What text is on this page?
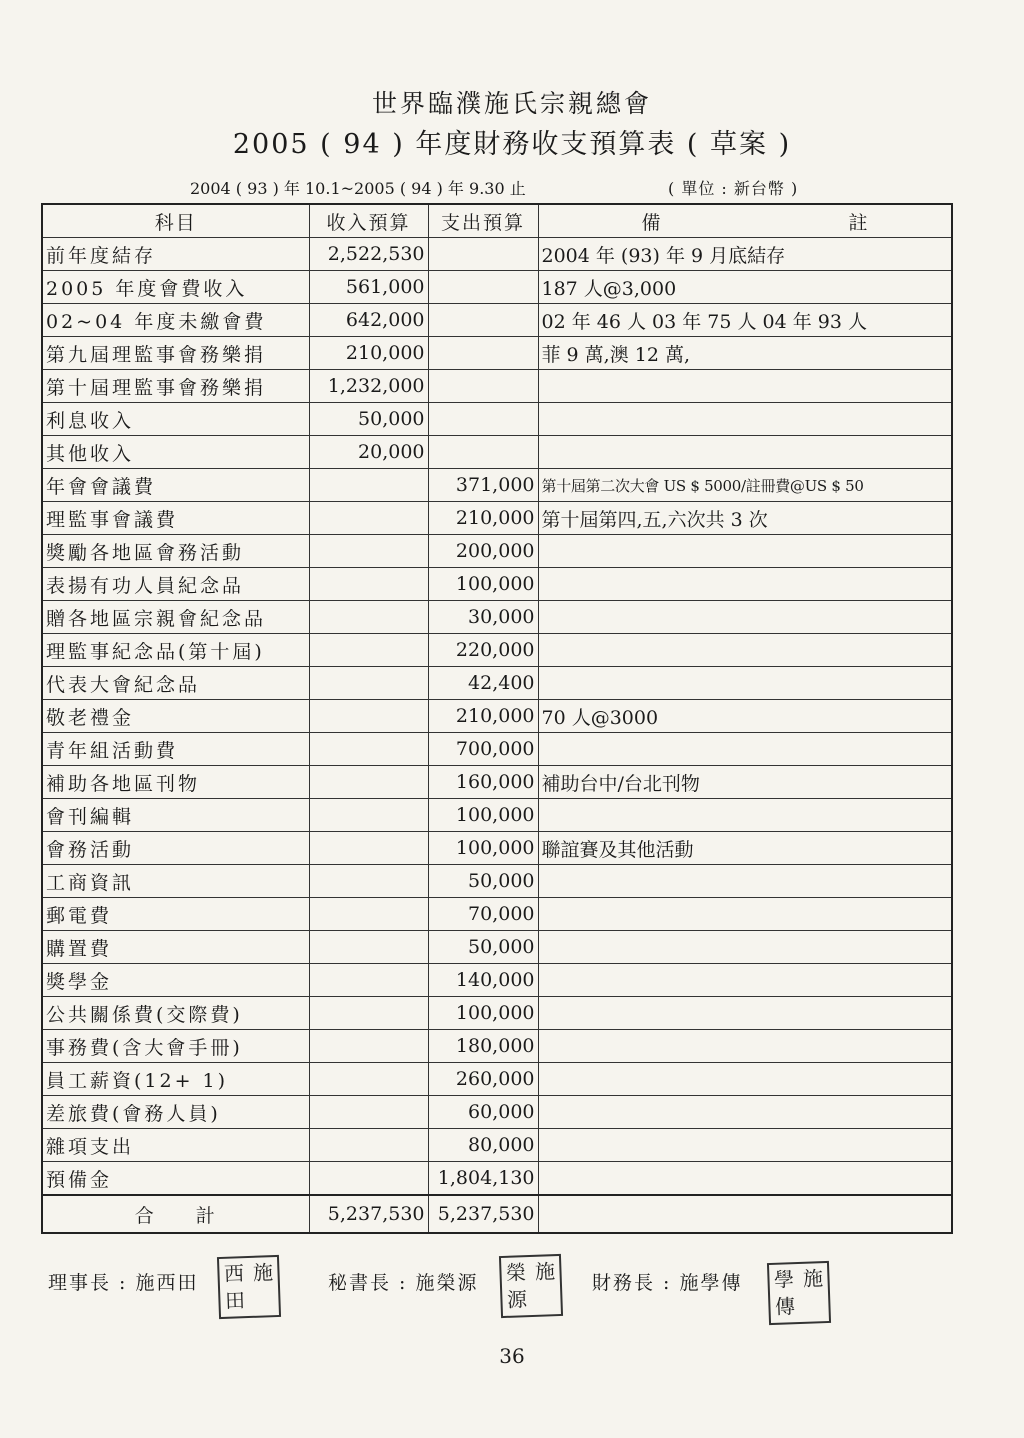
世界臨濮施氏宗親總會
2005 ( 94 ) 年度財務收支預算表 ( 草案 )
2004 ( 93 ) 年 10.1~2005 ( 94 ) 年 9.30 止	( 單位 : 新台幣 )
科目	收入預算	支出預算	備 註
前年度結存	2,522,530		2004 年 (93) 年 9 月底結存
2005 年度會費收入	561,000		187 人@3,000
02~04 年度未繳會費	642,000		02 年 46 人 03 年 75 人 04 年 93 人
第九屆理監事會務樂捐	210,000		菲 9 萬,澳 12 萬,
第十屆理監事會務樂捐	1,232,000		
利息收入	50,000		
其他收入	20,000		
年會會議費		371,000	第十屆第二次大會 US $ 5000/註冊費@US $ 50
理監事會議費		210,000	第十屆第四,五,六次共 3 次
獎勵各地區會務活動		200,000	
表揚有功人員紀念品		100,000	
贈各地區宗親會紀念品		30,000	
理監事紀念品(第十屆)		220,000	
代表大會紀念品		42,400	
敬老禮金		210,000	70 人@3000
青年組活動費		700,000	
補助各地區刊物		160,000	補助台中/台北刊物
會刊編輯		100,000	
會務活動		100,000	聯誼賽及其他活動
工商資訊		50,000	
郵電費		70,000	
購置費		50,000	
獎學金		140,000	
公共關係費(交際費)		100,000	
事務費(含大會手冊)		180,000	
員工薪資(12+ 1)		260,000	
差旅費(會務人員)		60,000	
雜項支出		80,000	
預備金		1,804,130	
合 計	5,237,530	5,237,530	
理事長 : 施西田 西 施
田
秘書長 : 施榮源 榮 施
源
財務長 : 施學傳 學 施
傳
36
